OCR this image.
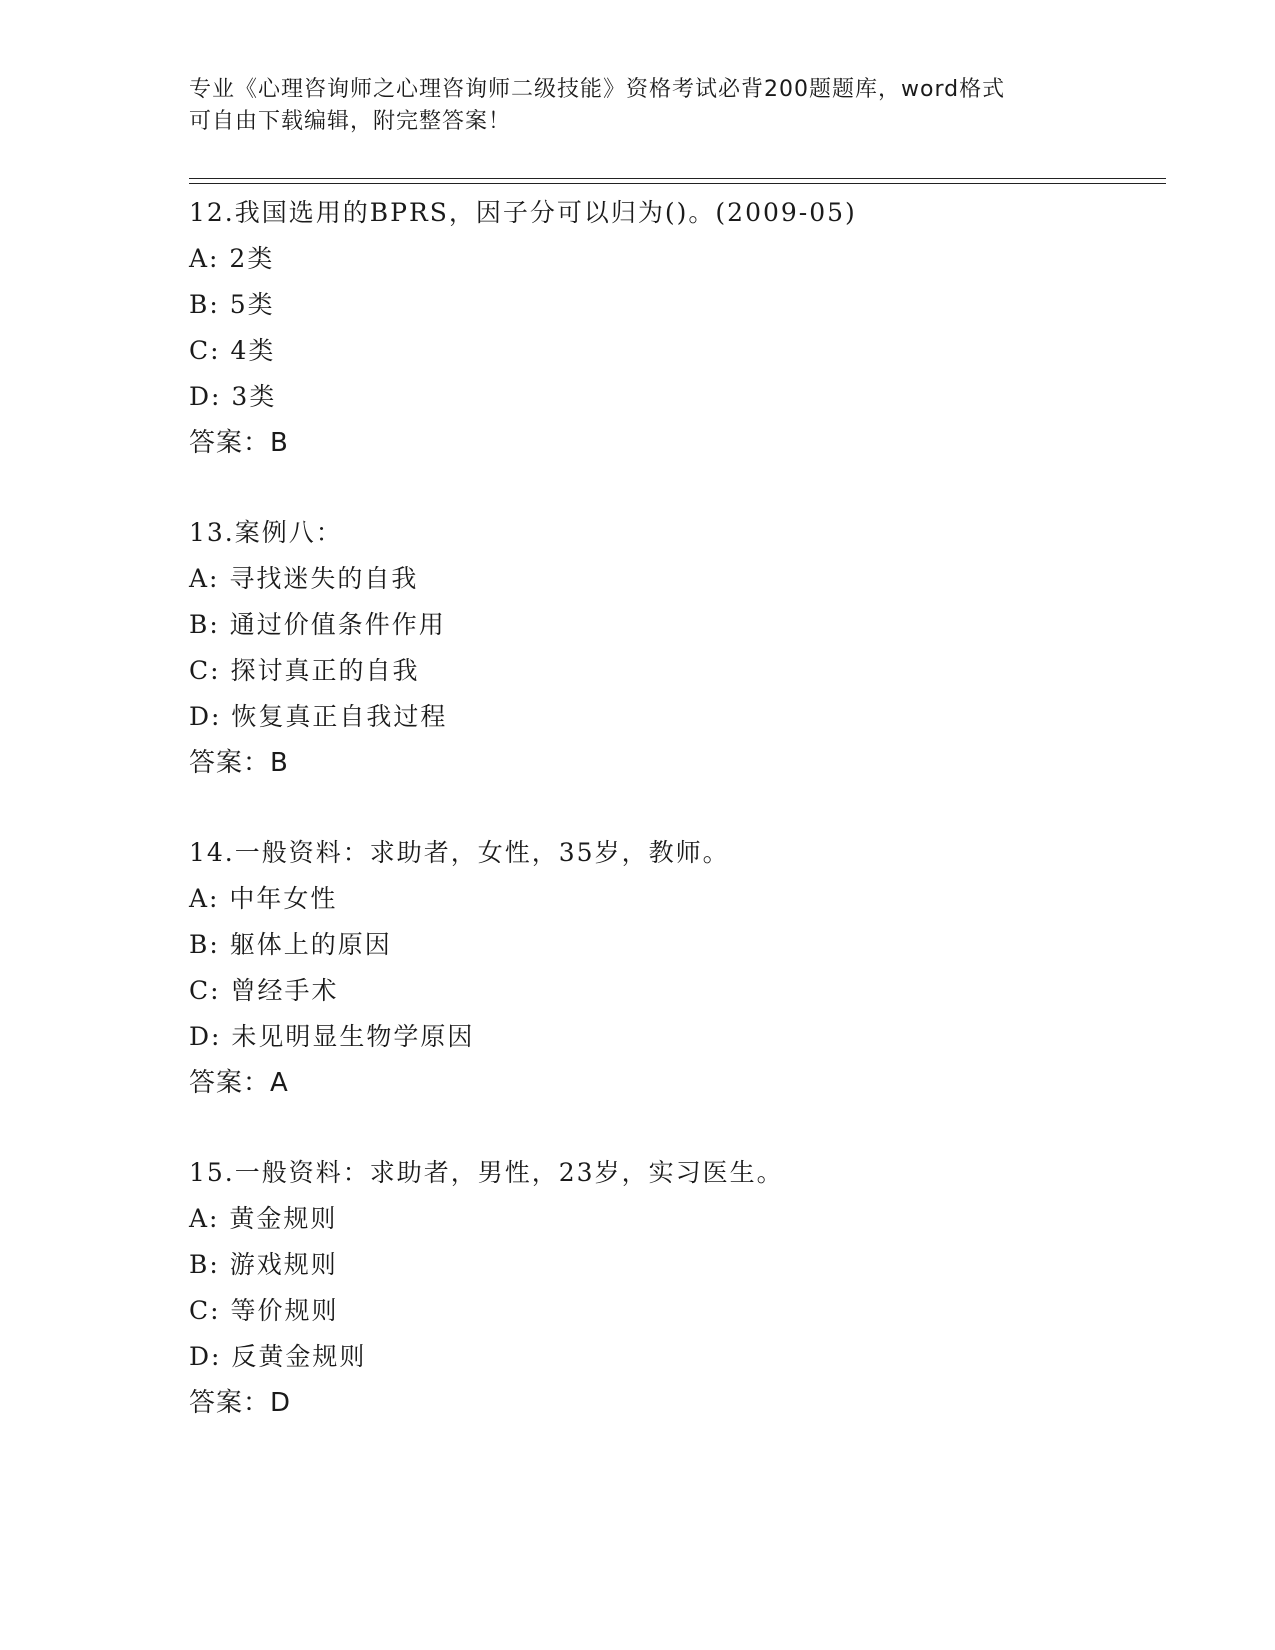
专业《心理咨询师之心理咨询师二级技能》资格考试必背200题题库，word格式
可自由下载编辑，附完整答案！
12.我国选用的BPRS，因子分可以归为()。(2009-05)
A: 2类
B: 5类
C: 4类
D: 3类
答案：B
13.案例八：
A: 寻找迷失的自我
B: 通过价值条件作用
C: 探讨真正的自我
D: 恢复真正自我过程
答案：B
14.一般资料：求助者，女性，35岁，教师。
A: 中年女性
B: 躯体上的原因
C: 曾经手术
D: 未见明显生物学原因
答案：A
15.一般资料：求助者，男性，23岁，实习医生。
A: 黄金规则
B: 游戏规则
C: 等价规则
D: 反黄金规则
答案：D
